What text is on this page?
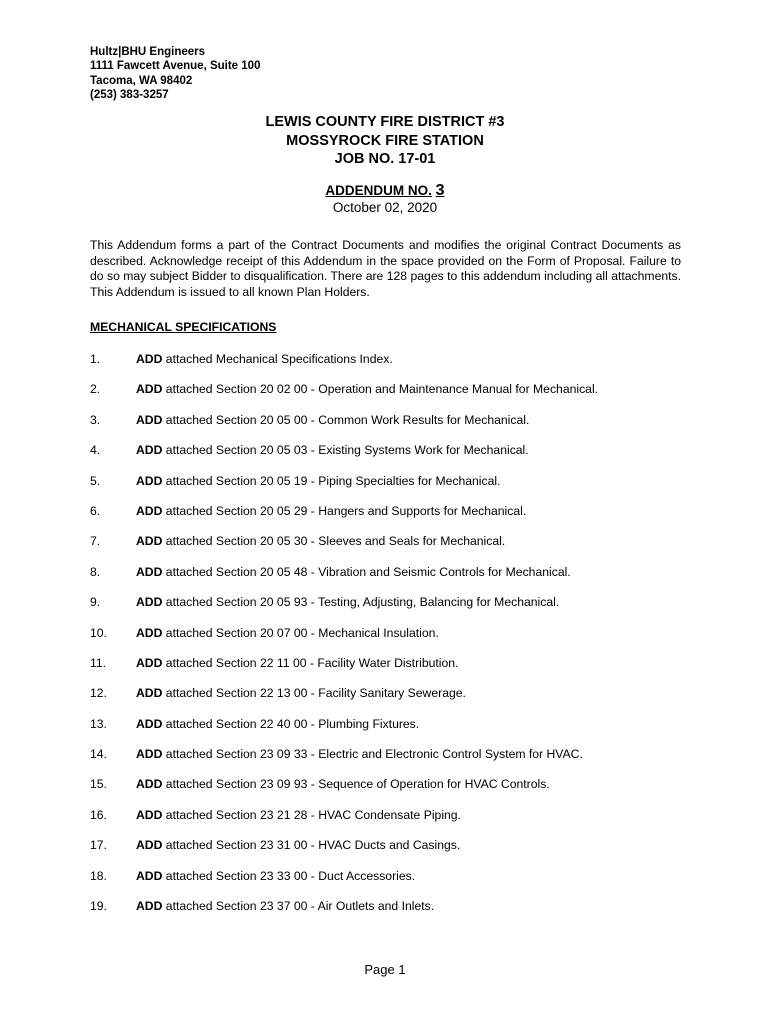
Hultz|BHU Engineers
1111 Fawcett Avenue, Suite 100
Tacoma, WA 98402
(253) 383-3257
LEWIS COUNTY FIRE DISTRICT #3
MOSSYROCK FIRE STATION
JOB NO. 17-01
ADDENDUM NO. 3
October 02, 2020
This Addendum forms a part of the Contract Documents and modifies the original Contract Documents as described. Acknowledge receipt of this Addendum in the space provided on the Form of Proposal. Failure to do so may subject Bidder to disqualification. There are 128 pages to this addendum including all attachments. This Addendum is issued to all known Plan Holders.
MECHANICAL SPECIFICATIONS
1.	ADD attached Mechanical Specifications Index.
2.	ADD attached Section 20 02 00 - Operation and Maintenance Manual for Mechanical.
3.	ADD attached Section 20 05 00 - Common Work Results for Mechanical.
4.	ADD attached Section 20 05 03 - Existing Systems Work for Mechanical.
5.	ADD attached Section 20 05 19 - Piping Specialties for Mechanical.
6.	ADD attached Section 20 05 29 - Hangers and Supports for Mechanical.
7.	ADD attached Section 20 05 30 - Sleeves and Seals for Mechanical.
8.	ADD attached Section 20 05 48 - Vibration and Seismic Controls for Mechanical.
9.	ADD attached Section 20 05 93 - Testing, Adjusting, Balancing for Mechanical.
10. ADD attached Section 20 07 00 - Mechanical Insulation.
11. ADD attached Section 22 11 00 - Facility Water Distribution.
12. ADD attached Section 22 13 00 - Facility Sanitary Sewerage.
13. ADD attached Section 22 40 00 - Plumbing Fixtures.
14. ADD attached Section 23 09 33 - Electric and Electronic Control System for HVAC.
15. ADD attached Section 23 09 93 - Sequence of Operation for HVAC Controls.
16. ADD attached Section 23 21 28 - HVAC Condensate Piping.
17. ADD attached Section 23 31 00 - HVAC Ducts and Casings.
18. ADD attached Section 23 33 00 - Duct Accessories.
19. ADD attached Section 23 37 00 - Air Outlets and Inlets.
Page 1
